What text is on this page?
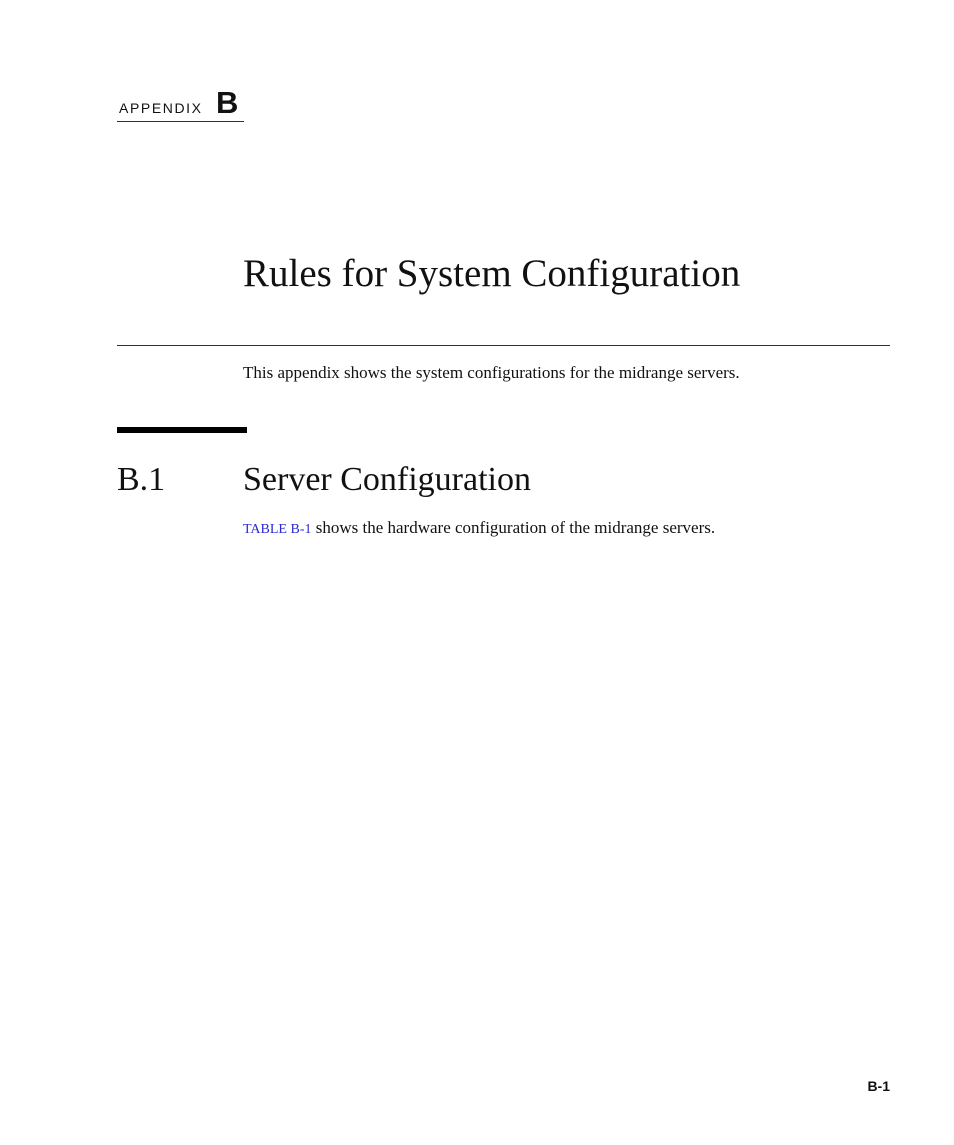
APPENDIX B
Rules for System Configuration

This appendix shows the system configurations for the midrange servers.

B.1 Server Configuration

TABLE B-1 shows the hardware configuration of the midrange servers.

B-1
